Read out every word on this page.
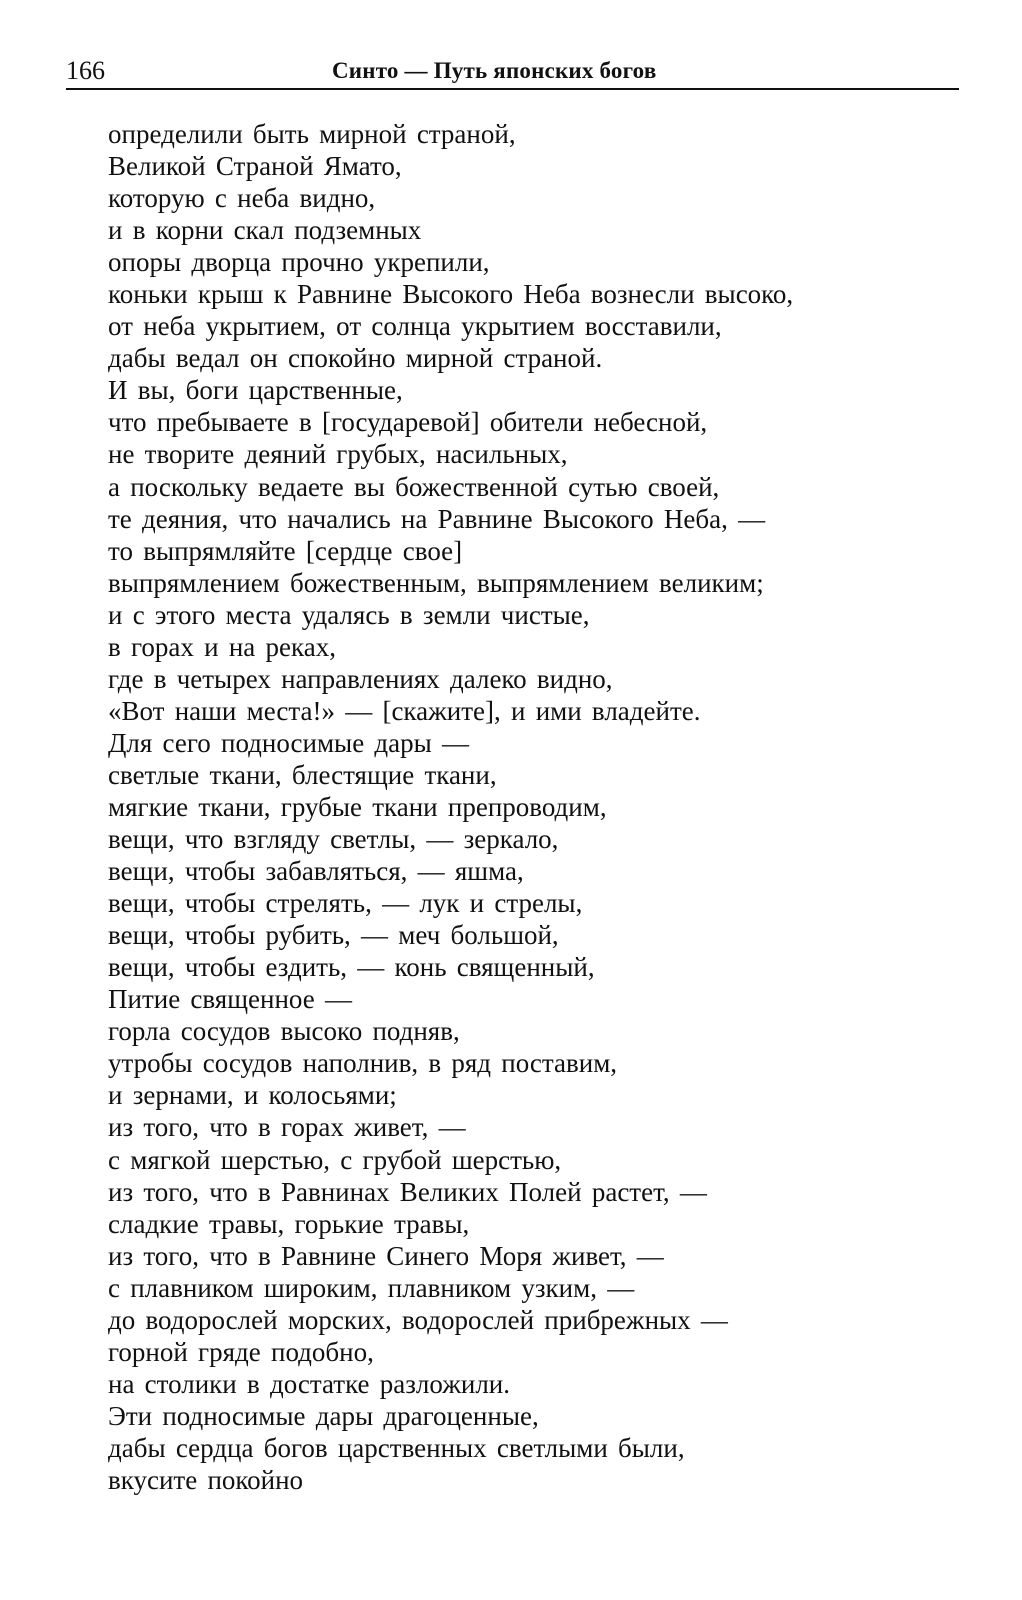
166	Синто — Путь японских богов
определили быть мирной страной,
Великой Страной Ямато,
которую с неба видно,
и в корни скал подземных
опоры дворца прочно укрепили,
коньки крыш к Равнине Высокого Неба вознесли высоко,
от неба укрытием, от солнца укрытием восставили,
дабы ведал он спокойно мирной страной.
И вы, боги царственные,
что пребываете в [государевой] обители небесной,
не творите деяний грубых, насильных,
а поскольку ведаете вы божественной сутью своей,
те деяния, что начались на Равнине Высокого Неба, —
то выпрямляйте [сердце свое]
выпрямлением божественным, выпрямлением великим;
и с этого места удалясь в земли чистые,
в горах и на реках,
где в четырех направлениях далеко видно,
«Вот наши места!» — [скажите], и ими владейте.
Для сего подносимые дары —
светлые ткани, блестящие ткани,
мягкие ткани, грубые ткани препроводим,
вещи, что взгляду светлы, — зеркало,
вещи, чтобы забавляться, — яшма,
вещи, чтобы стрелять, — лук и стрелы,
вещи, чтобы рубить, — меч большой,
вещи, чтобы ездить, — конь священный,
Питие священное —
горла сосудов высоко подняв,
утробы сосудов наполнив, в ряд поставим,
и зернами, и колосьями;
из того, что в горах живет, —
с мягкой шерстью, с грубой шерстью,
из того, что в Равнинах Великих Полей растет, —
сладкие травы, горькие травы,
из того, что в Равнине Синего Моря живет, —
с плавником широким, плавником узким, —
до водорослей морских, водорослей прибрежных —
горной гряде подобно,
на столики в достатке разложили.
Эти подносимые дары драгоценные,
дабы сердца богов царственных светлыми были,
вкусите покойно
